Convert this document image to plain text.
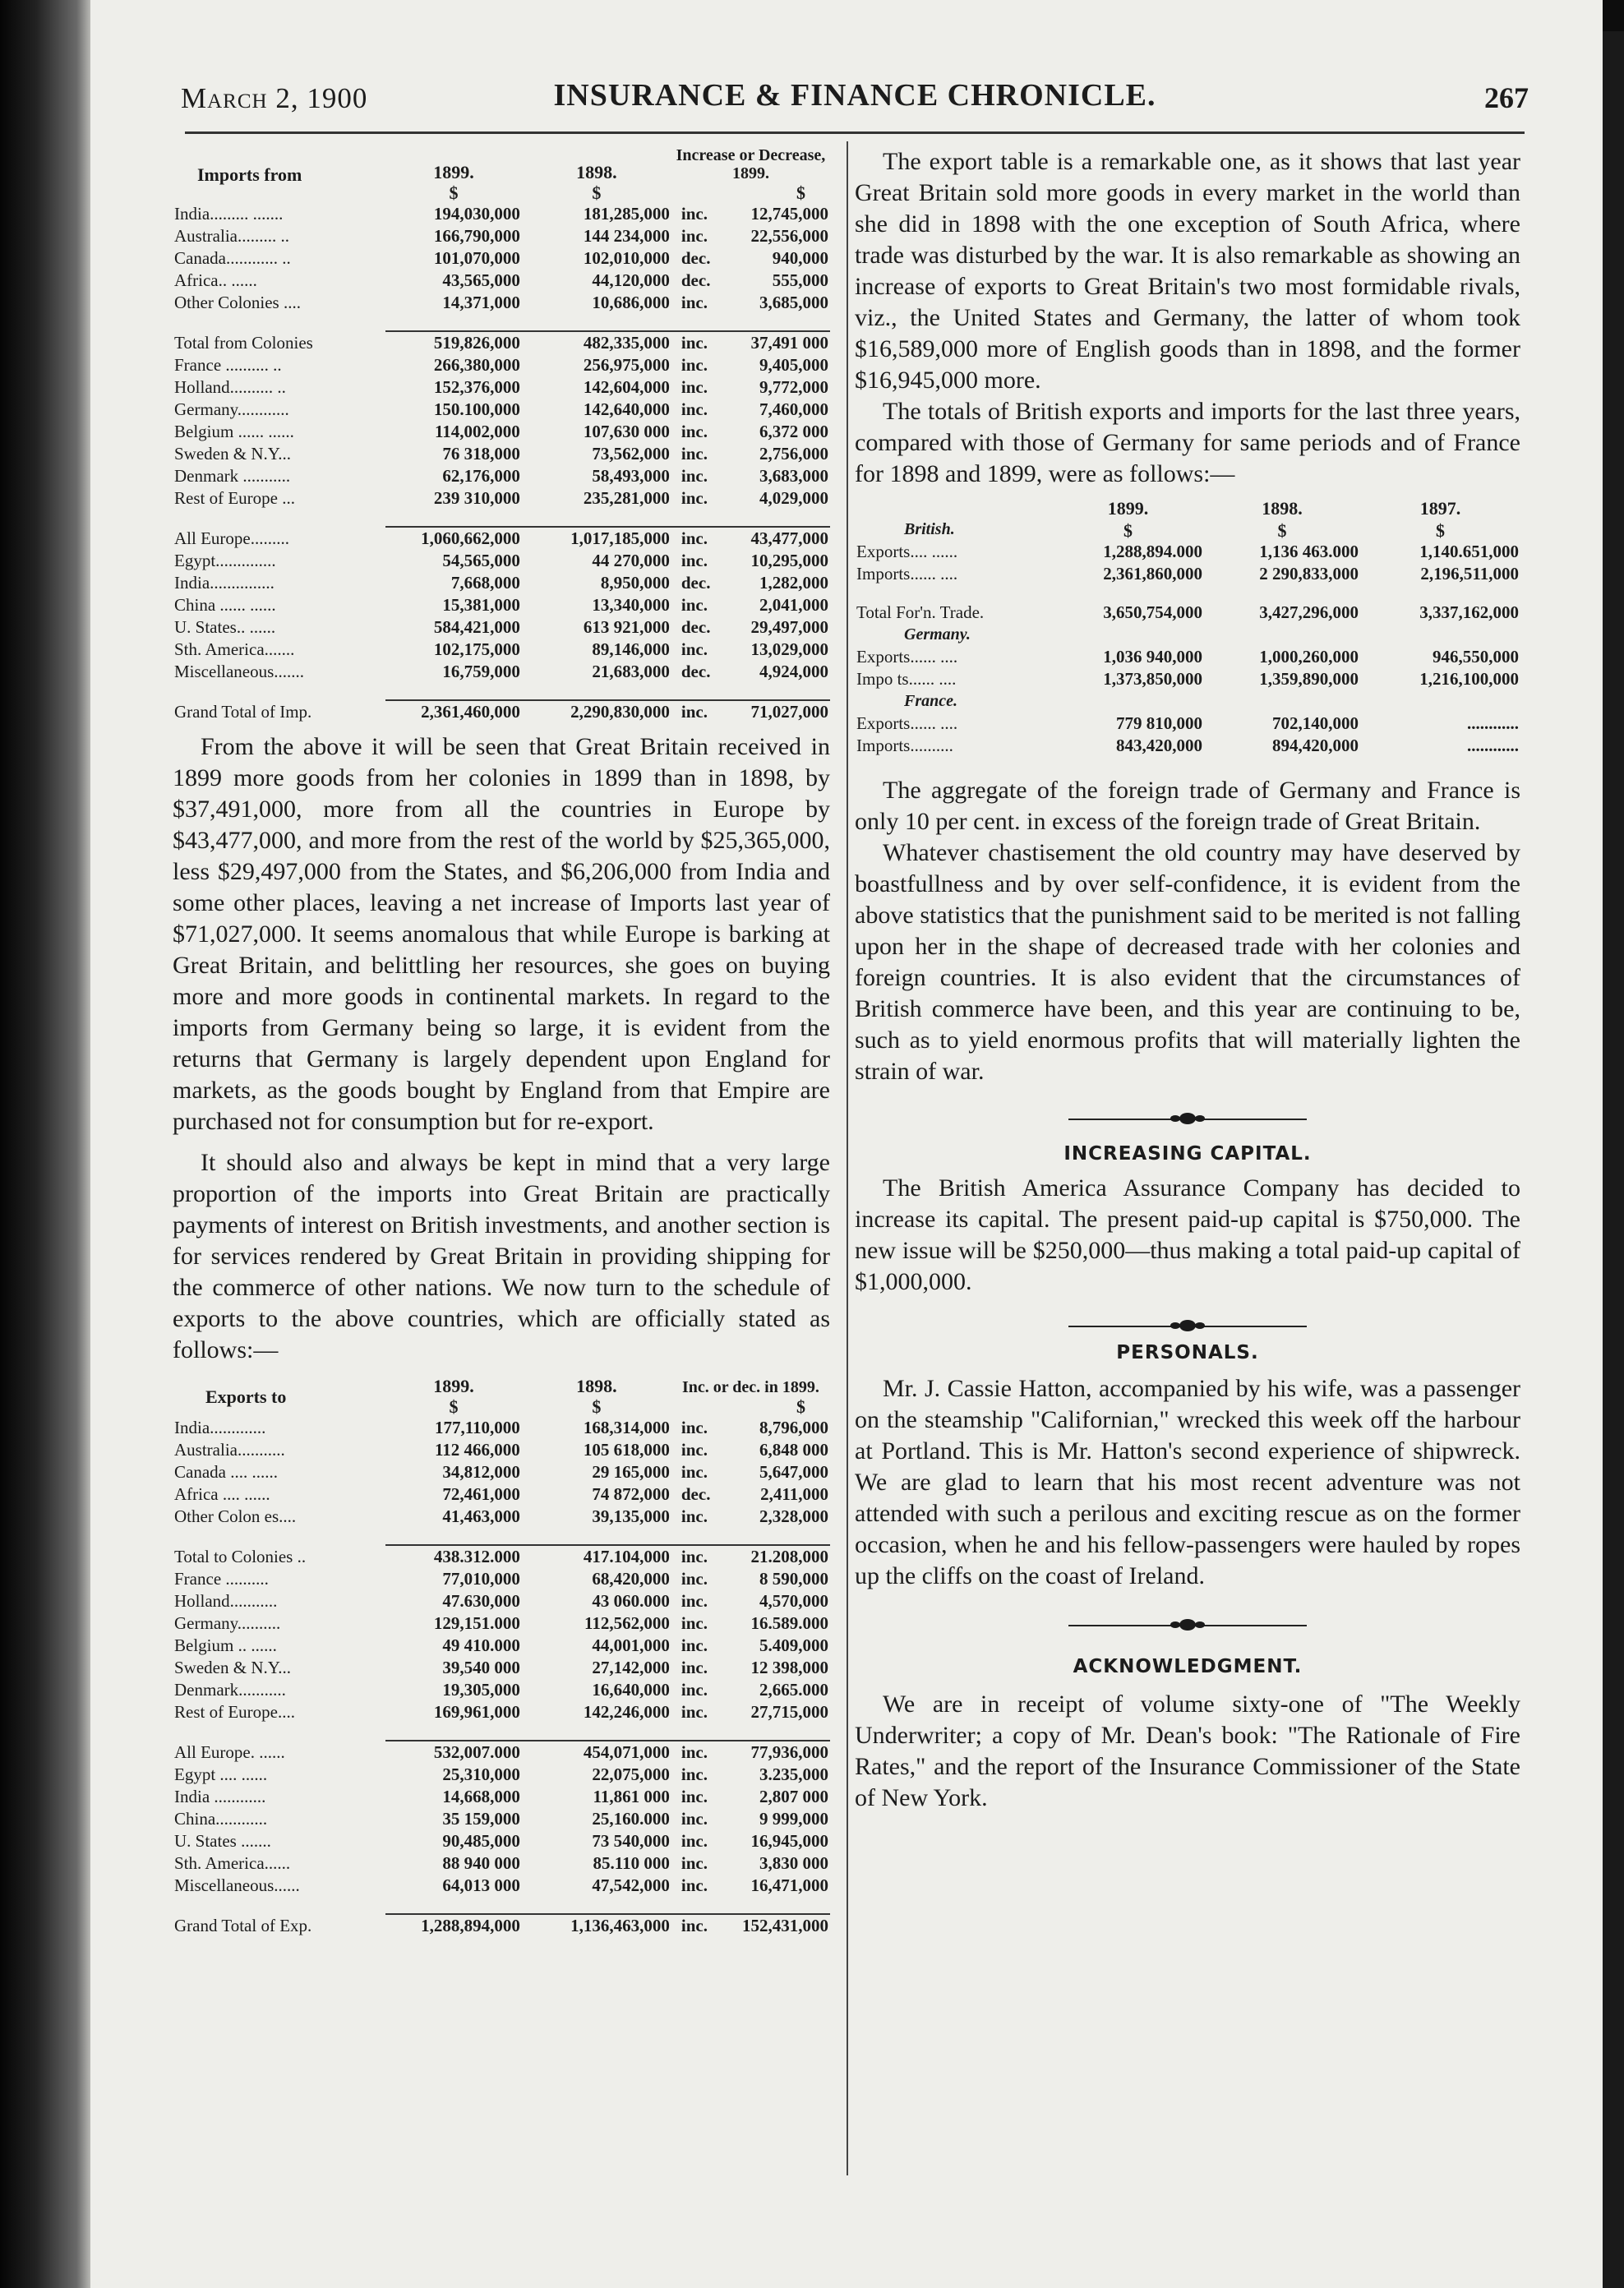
March 2, 1900	INSURANCE & FINANCE CHRONICLE.	267
Imports from	1899.	1898.	Increase or Decrease, 1899.	
	$	$	$	
India......... .......	194,030,000	181,285,000	inc.	12,745,000
Australia......... ..	166,790,000	144 234,000	inc.	22,556,000
Canada............ ..	101,070,000	102,010,000	dec.	940,000
Africa.. ......	43,565,000	44,120,000	dec.	555,000
Other Colonies ....	14,371,000	10,686,000	inc.	3,685,000

Total from Colonies	519,826,000	482,335,000	inc.	37,491 000
France .......... ..	266,380,000	256,975,000	inc.	9,405,000
Holland.......... ..	152,376,000	142,604,000	inc.	9,772,000
Germany............	150.100,000	142,640,000	inc.	7,460,000
Belgium ...... ......	114,002,000	107,630 000	inc.	6,372 000
Sweden & N.Y...	76 318,000	73,562,000	inc.	2,756,000
Denmark ...........	62,176,000	58,493,000	inc.	3,683,000
Rest of Europe ...	239 310,000	235,281,000	inc.	4,029,000

All Europe.........	1,060,662,000	1,017,185,000	inc.	43,477,000
Egypt..............	54,565,000	44 270,000	inc.	10,295,000
India...............	7,668,000	8,950,000	dec.	1,282,000
China ...... ......	15,381,000	13,340,000	inc.	2,041,000
U. States.. ......	584,421,000	613 921,000	dec.	29,497,000
Sth. America.......	102,175,000	89,146,000	inc.	13,029,000
Miscellaneous.......	16,759,000	21,683,000	dec.	4,924,000

Grand Total of Imp.	2,361,460,000	2,290,830,000	inc.	71,027,000

From the above it will be seen that Great Britain received in 1899 more goods from her colonies in 1899 than in 1898, by $37,491,000, more from all the countries in Europe by $43,477,000, and more from the rest of the world by $25,365,000, less $29,497,000 from the States, and $6,206,000 from India and some other places, leaving a net increase of Imports last year of $71,027,000. It seems anomalous that while Europe is barking at Great Britain, and belittling her resources, she goes on buying more and more goods in continental markets. In regard to the imports from Germany being so large, it is evident from the returns that Germany is largely dependent upon England for markets, as the goods bought by England from that Empire are purchased not for consumption but for re-export.

It should also and always be kept in mind that a very large proportion of the imports into Great Britain are practically payments of interest on British investments, and another section is for services rendered by Great Britain in providing shipping for the commerce of other nations. We now turn to the schedule of exports to the above countries, which are officially stated as follows:—

Exports to	1899.	1898.	Inc. or dec. in 1899.	
	$	$	$	
India.............	177,110,000	168,314,000	inc.	8,796,000
Australia...........	112 466,000	105 618,000	inc.	6,848 000
Canada .... ......	34,812,000	29 165,000	inc.	5,647,000
Africa .... ......	72,461,000	74 872,000	dec.	2,411,000
Other Colon es....	41,463,000	39,135,000	inc.	2,328,000

Total to Colonies ..	438.312.000	417.104,000	inc.	21.208,000
France ..........	77,010,000	68,420,000	inc.	8 590,000
Holland...........	47.630,000	43 060.000	inc.	4,570,000
Germany..........	129,151.000	112,562,000	inc.	16.589.000
Belgium .. ......	49 410.000	44,001,000	inc.	5.409,000
Sweden & N.Y...	39,540 000	27,142,000	inc.	12 398,000
Denmark...........	19,305,000	16,640,000	inc.	2,665.000
Rest of Europe....	169,961,000	142,246,000	inc.	27,715,000

All Europe. ......	532,007.000	454,071,000	inc.	77,936,000
Egypt .... ......	25,310,000	22,075,000	inc.	3.235,000
India ............	14,668,000	11,861 000	inc.	2,807 000
China............	35 159,000	25,160.000	inc.	9 999,000
U. States .......	90,485,000	73 540,000	inc.	16,945,000
Sth. America......	88 940 000	85.110 000	inc.	3,830 000
Miscellaneous......	64,013 000	47,542,000	inc.	16,471,000

Grand Total of Exp.	1,288,894,000	1,136,463,000	inc.	152,431,000

The export table is a remarkable one, as it shows that last year Great Britain sold more goods in every market in the world than she did in 1898 with the one exception of South Africa, where trade was disturbed by the war. It is also remarkable as showing an increase of exports to Great Britain's two most formidable rivals, viz., the United States and Germany, the latter of whom took $16,589,000 more of English goods than in 1898, and the former $16,945,000 more.

The totals of British exports and imports for the last three years, compared with those of Germany for same periods and of France for 1898 and 1899, were as follows:—

	1899.	1898.	1897.
British.	$	$	$
Exports.... ......	1,288,894.000	1,136 463.000	1,140.651,000
Imports...... ....	2,361,860,000	2 290,833,000	2,196,511,000

Total For'n. Trade.	3,650,754,000	3,427,296,000	3,337,162,000
Germany.			
Exports...... ....	1,036 940,000	1,000,260,000	946,550,000
Impo ts...... ....	1,373,850,000	1,359,890,000	1,216,100,000
France.			
Exports...... ....	779 810,000	702,140,000	............
Imports..........	843,420,000	894,420,000	............

The aggregate of the foreign trade of Germany and France is only 10 per cent. in excess of the foreign trade of Great Britain.

Whatever chastisement the old country may have deserved by boastfullness and by over self-confidence, it is evident from the above statistics that the punishment said to be merited is not falling upon her in the shape of decreased trade with her colonies and foreign countries. It is also evident that the circumstances of British commerce have been, and this year are continuing to be, such as to yield enormous profits that will materially lighten the strain of war.

INCREASING CAPITAL.

The British America Assurance Company has decided to increase its capital. The present paid-up capital is $750,000. The new issue will be $250,000—thus making a total paid-up capital of $1,000,000.

PERSONALS.

Mr. J. Cassie Hatton, accompanied by his wife, was a passenger on the steamship "Californian," wrecked this week off the harbour at Portland. This is Mr. Hatton's second experience of shipwreck. We are glad to learn that his most recent adventure was not attended with such a perilous and exciting rescue as on the former occasion, when he and his fellow-passengers were hauled by ropes up the cliffs on the coast of Ireland.

ACKNOWLEDGMENT.

We are in receipt of volume sixty-one of "The Weekly Underwriter; a copy of Mr. Dean's book: "The Rationale of Fire Rates," and the report of the Insurance Commissioner of the State of New York.
